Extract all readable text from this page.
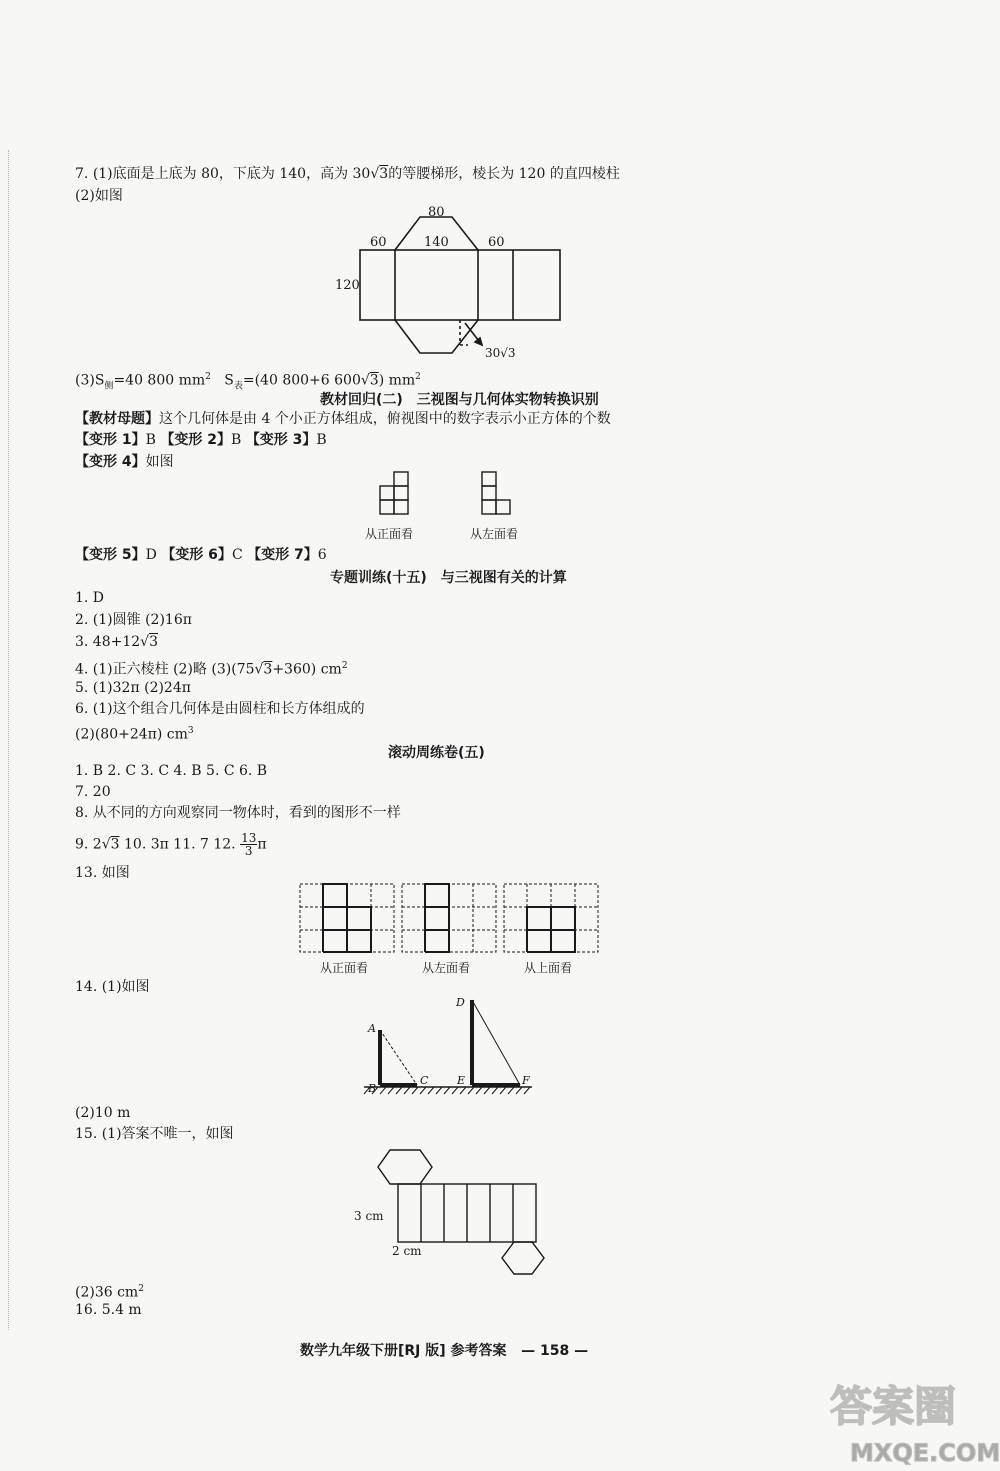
7. (1)底面是上底为 80，下底为 140，高为 30√3的等腰梯形，棱长为 120 的直四棱柱
(2)如图
80
140
60	60
120
30√3
$(3)S_侧=40$ 800 $mm^2$ $S_表=(40$ 800+6 600√3) $mm^2$
教材回归(二)　三视图与几何体实物转换识别
【教材母题】这个几何体是由 4 个小正方体组成，俯视图中的数字表示小正方体的个数
【变形 1】B 【变形 2】B 【变形 3】B
【变形 4】如图
从正面看	从左面看
【变形 5】D 【变形 6】C 【变形 7】6
专题训练(十五)　与三视图有关的计算
1. D
2. (1)圆锥 (2)16π
3. 48+12√3
4. (1)正六棱柱 (2)略 (3)(75√3+360) $cm^2$
5. (1)32π (2)24π
6. (1)这个组合几何体是由圆柱和长方体组成的
(2)(80+24π) $cm^3$
滚动周练卷(五)
1. B 2. C 3. C 4. B 5. C 6. B
7. 20
8. 从不同的方向观察同一物体时，看到的图形不一样
9. 2√3 10. 3π 11. 7 12. $\frac{13}{3}$ π
13. 如图
从正面看	从左面看	从上面看
14. (1)如图
A
B
C
D
E	F
(2)10 m
15. (1)答案不唯一，如图
3 cm
2 cm
(2)36 $cm^2$
16. 5.4 m
数学九年级下册[RJ 版] 参考答案 — 158 —
答案圈
MXQE.COM
